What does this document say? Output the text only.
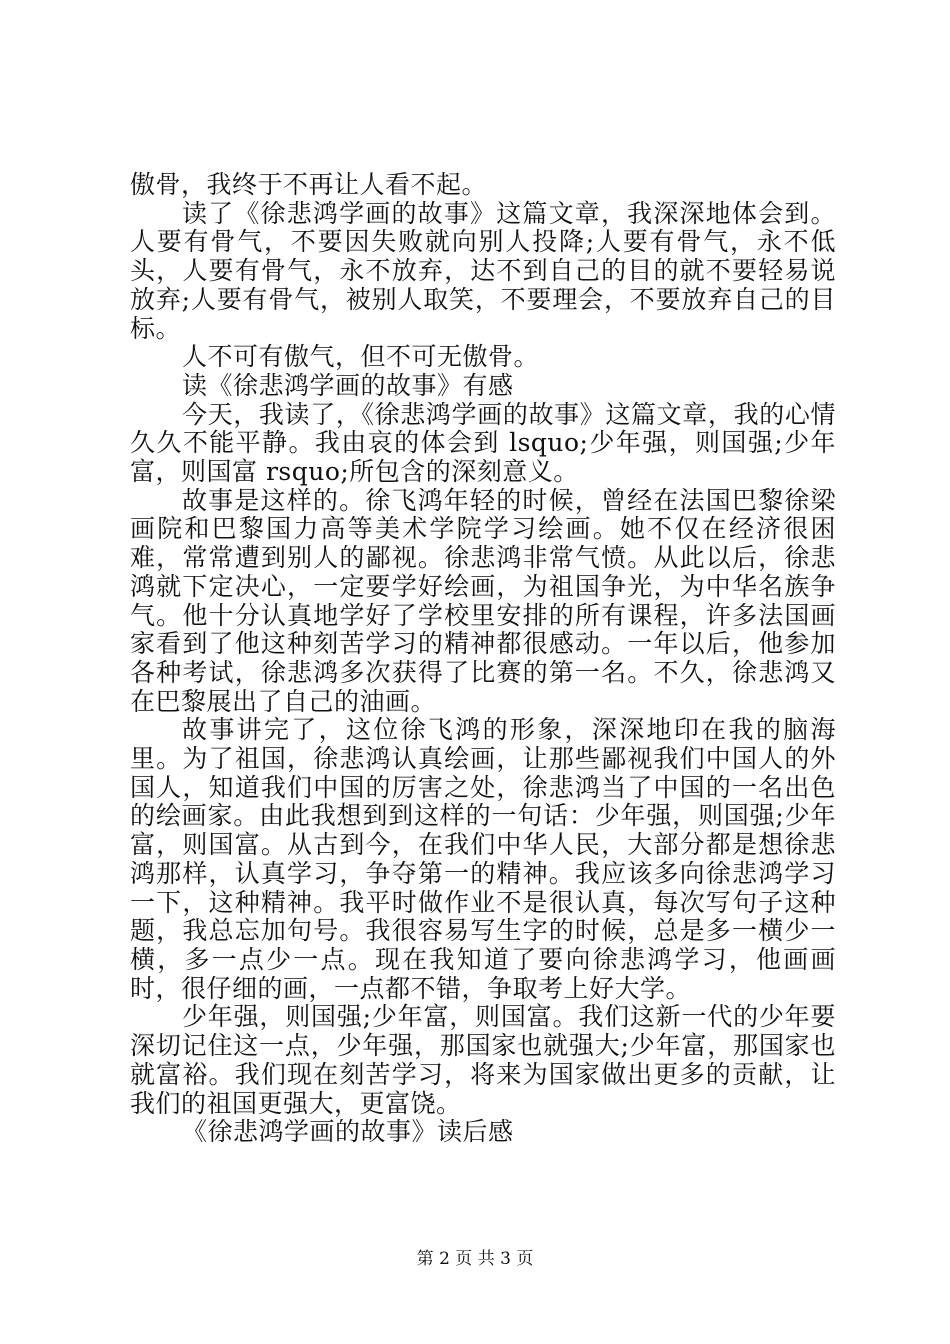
傲骨，我终于不再让人看不起。

读了《徐悲鸿学画的故事》这篇文章，我深深地体会到。人要有骨气，不要因失败就向别人投降;人要有骨气，永不低头，人要有骨气，永不放弃，达不到自己的目的就不要轻易说放弃;人要有骨气，被别人取笑，不要理会，不要放弃自己的目标。

人不可有傲气，但不可无傲骨。

读《徐悲鸿学画的故事》有感

今天，我读了，《徐悲鸿学画的故事》这篇文章，我的心情久久不能平静。我由哀的体会到 lsquo;少年强，则国强;少年富，则国富 rsquo;所包含的深刻意义。

故事是这样的。徐飞鸿年轻的时候，曾经在法国巴黎徐梁画院和巴黎国力高等美术学院学习绘画。她不仅在经济很困难，常常遭到别人的鄙视。徐悲鸿非常气愤。从此以后，徐悲鸿就下定决心，一定要学好绘画，为祖国争光，为中华名族争气。他十分认真地学好了学校里安排的所有课程，许多法国画家看到了他这种刻苦学习的精神都很感动。一年以后，他参加各种考试，徐悲鸿多次获得了比赛的第一名。不久，徐悲鸿又在巴黎展出了自己的油画。

故事讲完了，这位徐飞鸿的形象，深深地印在我的脑海里。为了祖国，徐悲鸿认真绘画，让那些鄙视我们中国人的外国人，知道我们中国的厉害之处，徐悲鸿当了中国的一名出色的绘画家。由此我想到到这样的一句话：少年强，则国强;少年富，则国富。从古到今，在我们中华人民，大部分都是想徐悲鸿那样，认真学习，争夺第一的精神。我应该多向徐悲鸿学习一下，这种精神。我平时做作业不是很认真，每次写句子这种题，我总忘加句号。我很容易写生字的时候，总是多一横少一横，多一点少一点。现在我知道了要向徐悲鸿学习，他画画时，很仔细的画，一点都不错，争取考上好大学。

少年强，则国强;少年富，则国富。我们这新一代的少年要深切记住这一点，少年强，那国家也就强大;少年富，那国家也就富裕。我们现在刻苦学习，将来为国家做出更多的贡献，让我们的祖国更强大，更富饶。

《徐悲鸿学画的故事》读后感

第 2 页 共 3 页
